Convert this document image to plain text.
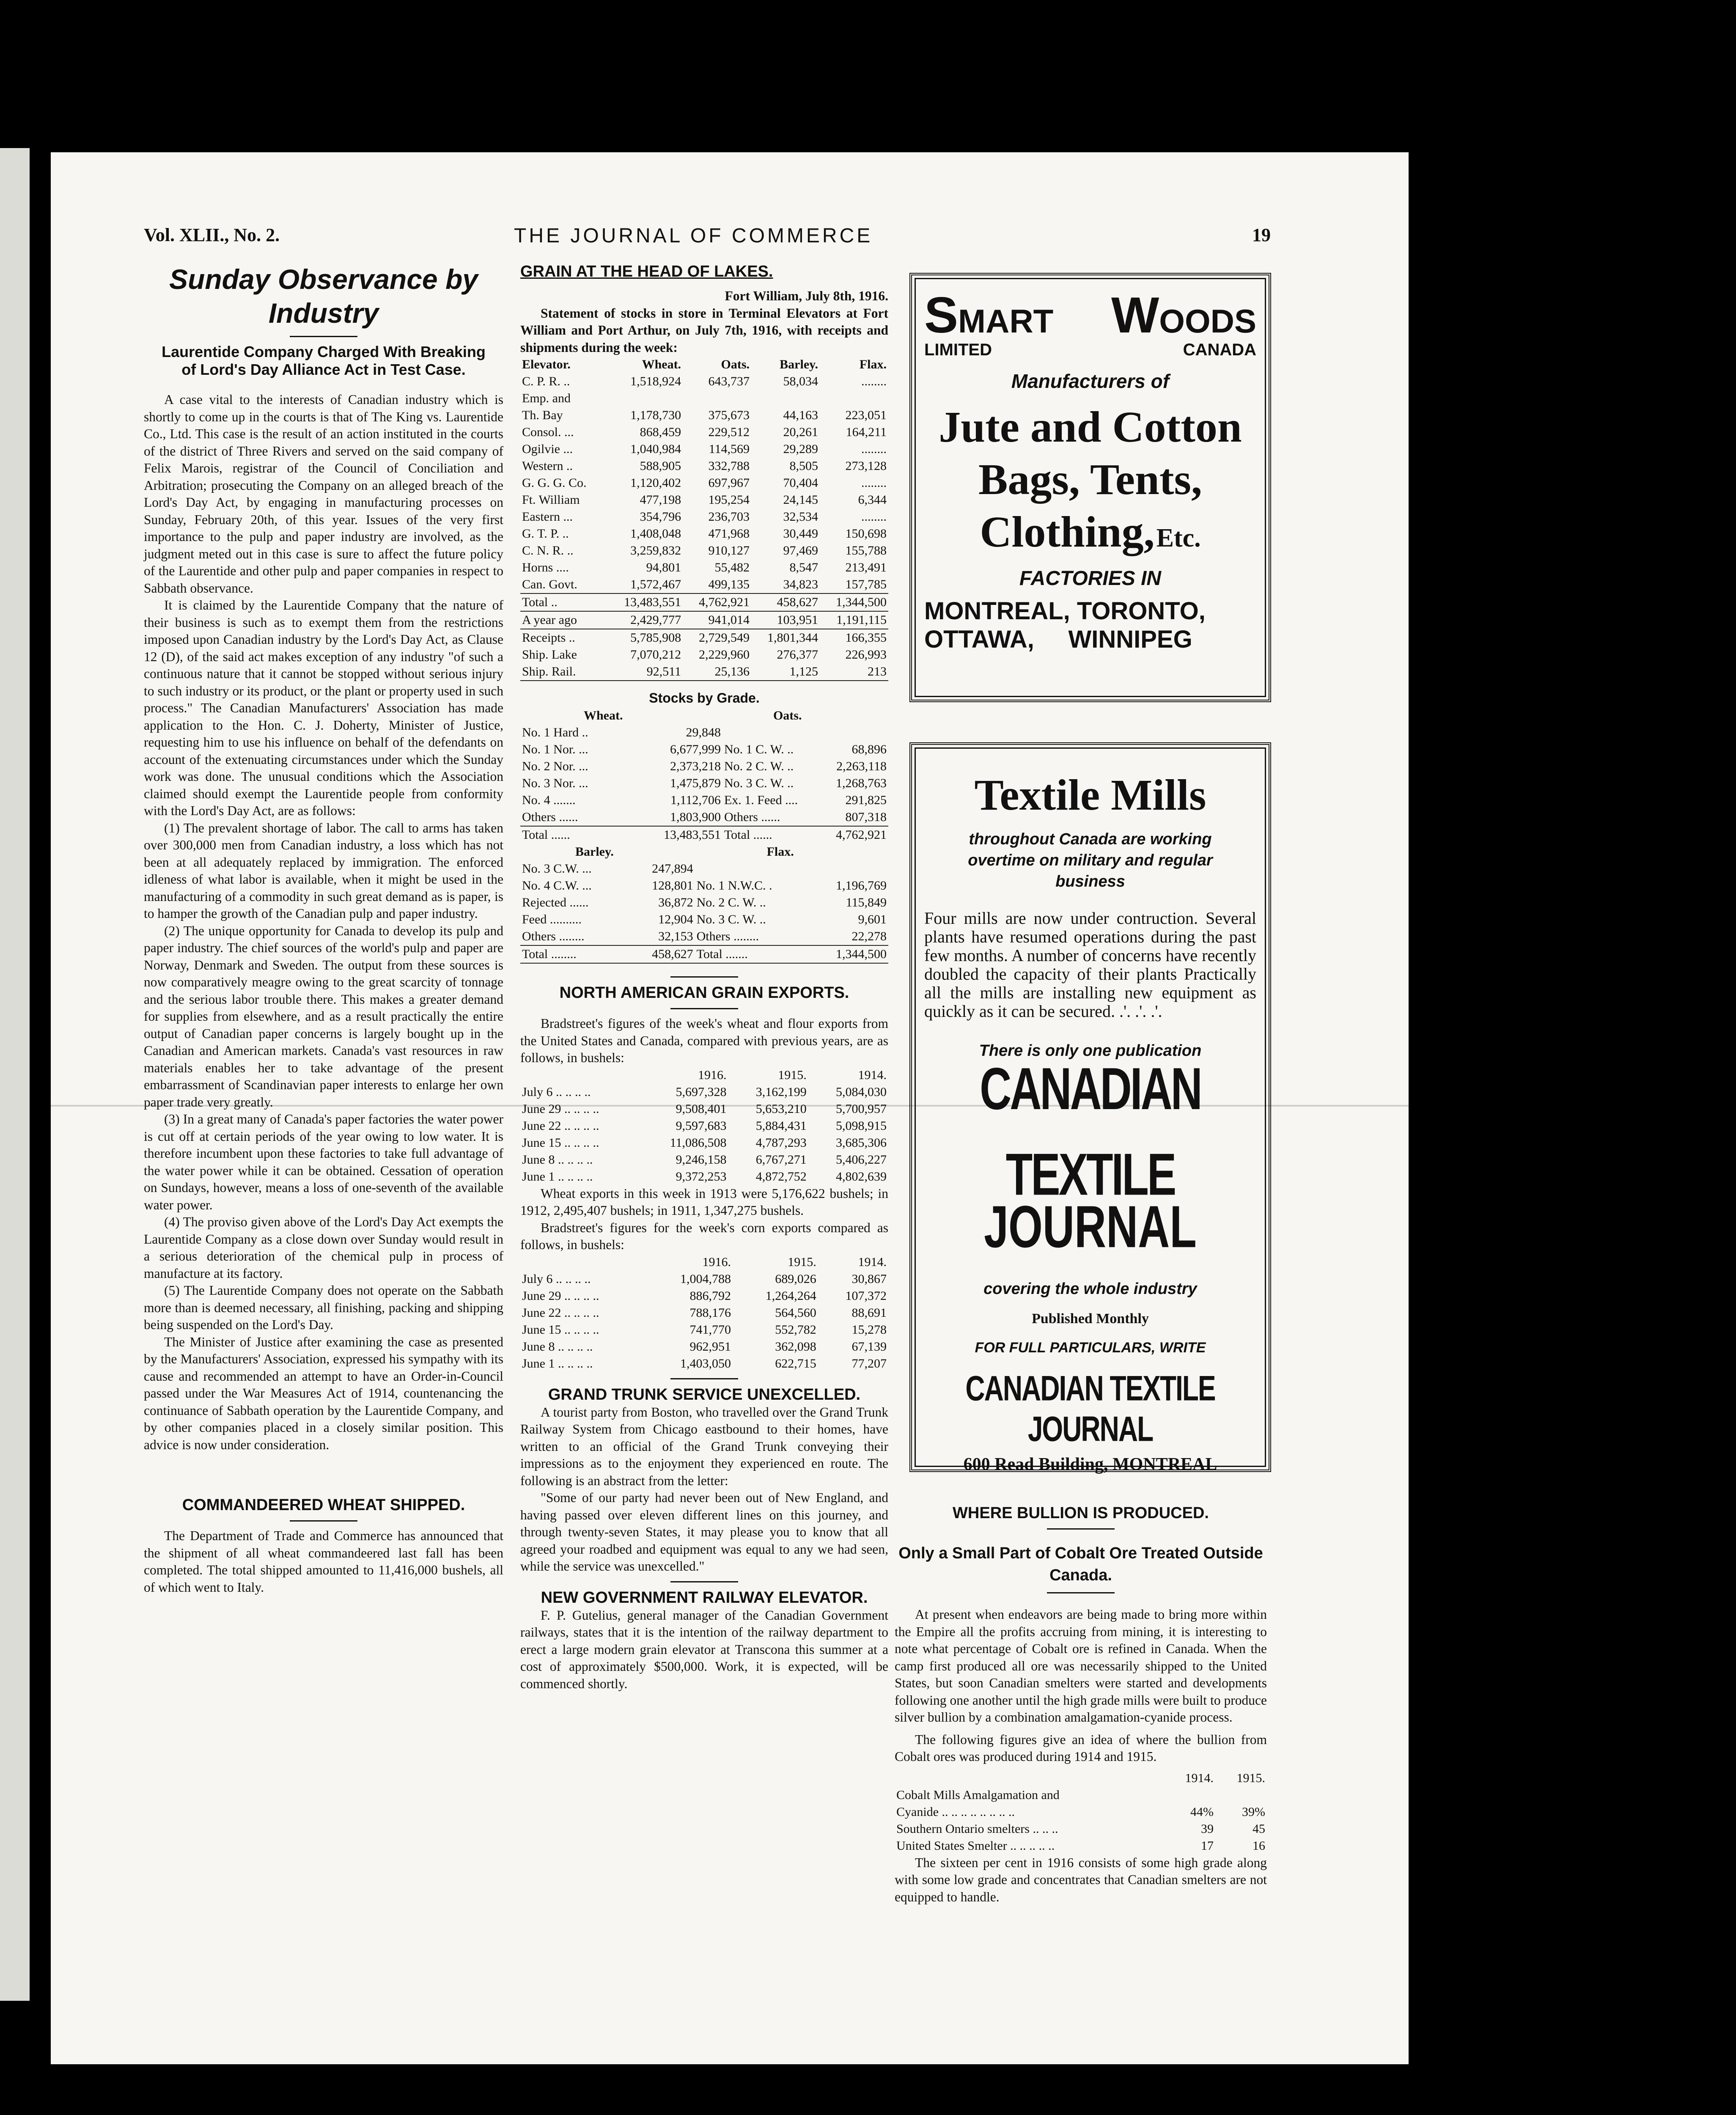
Vol. XLII., No. 2.	THE JOURNAL OF COMMERCE	19
Sunday Observance by Industry
Laurentide Company Charged With Breaking of Lord's Day Alliance Act in Test Case.

A case vital to the interests of Canadian industry which is shortly to come up in the courts is that of The King vs. Laurentide Co., Ltd. This case is the result of an action instituted in the courts of the district of Three Rivers and served on the said company of Felix Marois, registrar of the Council of Conciliation and Arbitration; prosecuting the Company on an alleged breach of the Lord's Day Act, by engaging in manufacturing processes on Sunday, February 20th, of this year. Issues of the very first importance to the pulp and paper industry are involved, as the judgment meted out in this case is sure to affect the future policy of the Laurentide and other pulp and paper companies in respect to Sabbath observance.

It is claimed by the Laurentide Company that the nature of their business is such as to exempt them from the restrictions imposed upon Canadian industry by the Lord's Day Act, as Clause 12 (D), of the said act makes exception of any industry "of such a continuous nature that it cannot be stopped without serious injury to such industry or its product, or the plant or property used in such process." The Canadian Manufacturers' Association has made application to the Hon. C. J. Doherty, Minister of Justice, requesting him to use his influence on behalf of the defendants on account of the extenuating circumstances under which the Sunday work was done. The unusual conditions which the Association claimed should exempt the Laurentide people from conformity with the Lord's Day Act, are as follows:

(1) The prevalent shortage of labor. The call to arms has taken over 300,000 men from Canadian industry, a loss which has not been at all adequately replaced by immigration. The enforced idleness of what labor is available, when it might be used in the manufacturing of a commodity in such great demand as is paper, is to hamper the growth of the Canadian pulp and paper industry.

(2) The unique opportunity for Canada to develop its pulp and paper industry. The chief sources of the world's pulp and paper are Norway, Denmark and Sweden. The output from these sources is now comparatively meagre owing to the great scarcity of tonnage and the serious labor trouble there. This makes a greater demand for supplies from elsewhere, and as a result practically the entire output of Canadian paper concerns is largely bought up in the Canadian and American markets. Canada's vast resources in raw materials enables her to take advantage of the present embarrassment of Scandinavian paper interests to enlarge her own paper trade very greatly.

(3) In a great many of Canada's paper factories the water power is cut off at certain periods of the year owing to low water. It is therefore incumbent upon these factories to take full advantage of the water power while it can be obtained. Cessation of operation on Sundays, however, means a loss of one-seventh of the available water power.

(4) The proviso given above of the Lord's Day Act exempts the Laurentide Company as a close down over Sunday would result in a serious deterioration of the chemical pulp in process of manufacture at its factory.

(5) The Laurentide Company does not operate on the Sabbath more than is deemed necessary, all finishing, packing and shipping being suspended on the Lord's Day.

The Minister of Justice after examining the case as presented by the Manufacturers' Association, expressed his sympathy with its cause and recommended an attempt to have an Order-in-Council passed under the War Measures Act of 1914, countenancing the continuance of Sabbath operation by the Laurentide Company, and by other companies placed in a closely similar position. This advice is now under consideration.

COMMANDEERED WHEAT SHIPPED.

The Department of Trade and Commerce has announced that the shipment of all wheat commandeered last fall has been completed. The total shipped amounted to 11,416,000 bushels, all of which went to Italy.

GRAIN AT THE HEAD OF LAKES.
Fort William, July 8th, 1916.

Statement of stocks in store in Terminal Elevators at Fort William and Port Arthur, on July 7th, 1916, with receipts and shipments during the week:

Elevator.	Wheat.	Oats.	Barley.	Flax.
C. P. R. ..	1,518,924	643,737	58,034	........
Emp. and				
Th. Bay	1,178,730	375,673	44,163	223,051
Consol. ...	868,459	229,512	20,261	164,211
Ogilvie ...	1,040,984	114,569	29,289	........
Western ..	588,905	332,788	8,505	273,128
G. G. G. Co.	1,120,402	697,967	70,404	........
Ft. William	477,198	195,254	24,145	6,344
Eastern ...	354,796	236,703	32,534	........
G. T. P. ..	1,408,048	471,968	30,449	150,698
C. N. R. ..	3,259,832	910,127	97,469	155,788
Horns ....	94,801	55,482	8,547	213,491
Can. Govt.	1,572,467	499,135	34,823	157,785
Total ..	13,483,551	4,762,921	458,627	1,344,500
A year ago	2,429,777	941,014	103,951	1,191,115
Receipts ..	5,785,908	2,729,549	1,801,344	166,355
Ship. Lake	7,070,212	2,229,960	276,377	226,993
Ship. Rail.	92,511	25,136	1,125	213
Stocks by Grade.
Wheat.		Oats.	
No. 1 Hard ..	29,848		
No. 1 Nor. ...	6,677,999	No. 1 C. W. ..	68,896
No. 2 Nor. ...	2,373,218	No. 2 C. W. ..	2,263,118
No. 3 Nor. ...	1,475,879	No. 3 C. W. ..	1,268,763
No. 4 .......	1,112,706	Ex. 1. Feed ....	291,825
Others ......	1,803,900	Others ......	807,318
Total ......	13,483,551	Total ......	4,762,921
Barley.		Flax.	
No. 3 C.W. ...	247,894		
No. 4 C.W. ...	128,801	No. 1 N.W.C. .	1,196,769
Rejected ......	36,872	No. 2 C. W. ..	115,849
Feed ..........	12,904	No. 3 C. W. ..	9,601
Others ........	32,153	Others ........	22,278
Total ........	458,627	Total .......	1,344,500
NORTH AMERICAN GRAIN EXPORTS.

Bradstreet's figures of the week's wheat and flour exports from the United States and Canada, compared with previous years, are as follows, in bushels:

	1916.	1915.	1914.
July 6 .. .. .. ..	5,697,328	3,162,199	5,084,030
June 29 .. .. .. ..	9,508,401	5,653,210	5,700,957
June 22 .. .. .. ..	9,597,683	5,884,431	5,098,915
June 15 .. .. .. ..	11,086,508	4,787,293	3,685,306
June 8 .. .. .. ..	9,246,158	6,767,271	5,406,227
June 1 .. .. .. ..	9,372,253	4,872,752	4,802,639

Wheat exports in this week in 1913 were 5,176,622 bushels; in 1912, 2,495,407 bushels; in 1911, 1,347,275 bushels.

Bradstreet's figures for the week's corn exports compared as follows, in bushels:

	1916.	1915.	1914.
July 6 .. .. .. ..	1,004,788	689,026	30,867
June 29 .. .. .. ..	886,792	1,264,264	107,372
June 22 .. .. .. ..	788,176	564,560	88,691
June 15 .. .. .. ..	741,770	552,782	15,278
June 8 .. .. .. ..	962,951	362,098	67,139
June 1 .. .. .. ..	1,403,050	622,715	77,207
GRAND TRUNK SERVICE UNEXCELLED.

A tourist party from Boston, who travelled over the Grand Trunk Railway System from Chicago eastbound to their homes, have written to an official of the Grand Trunk conveying their impressions as to the enjoyment they experienced en route. The following is an abstract from the letter:

"Some of our party had never been out of New England, and having passed over eleven different lines on this journey, and through twenty-seven States, it may please you to know that all agreed your roadbed and equipment was equal to any we had seen, while the service was unexcelled."

NEW GOVERNMENT RAILWAY ELEVATOR.

F. P. Gutelius, general manager of the Canadian Government railways, states that it is the intention of the railway department to erect a large modern grain elevator at Transcona this summer at a cost of approximately $500,000. Work, it is expected, will be commenced shortly.

SMART
LIMITED
WOODS
CANADA
Manufacturers of
Jute and Cotton
Bags, Tents,
Clothing, Etc.
FACTORIES IN
MONTREAL, TORONTO,
OTTAWA,     WINNIPEG
Textile Mills
throughout Canada are working overtime on military and regular business
Four mills are now under contruction. Several plants have resumed operations during the past few months. A number of concerns have recently doubled the capacity of their plants Practically all the mills are installing new equipment as quickly as it can be secured. .'. .'. .'.
There is only one publication
CANADIAN TEXTILE
JOURNAL
covering the whole industry
Published Monthly
FOR FULL PARTICULARS, WRITE
CANADIAN TEXTILE JOURNAL
600 Read Building, MONTREAL
WHERE BULLION IS PRODUCED.
Only a Small Part of Cobalt Ore Treated Outside Canada.

At present when endeavors are being made to bring more within the Empire all the profits accruing from mining, it is interesting to note what percentage of Cobalt ore is refined in Canada. When the camp first produced all ore was necessarily shipped to the United States, but soon Canadian smelters were started and developments following one another until the high grade mills were built to produce silver bullion by a combination amalgamation-cyanide process.

The following figures give an idea of where the bullion from Cobalt ores was produced during 1914 and 1915.

	1914.	1915.
Cobalt Mills Amalgamation and		
Cyanide .. .. .. .. .. .. .. ..	44%	39%
Southern Ontario smelters .. .. ..	39	45
United States Smelter .. .. .. .. ..	17	16

The sixteen per cent in 1916 consists of some high grade along with some low grade and concentrates that Canadian smelters are not equipped to handle.
